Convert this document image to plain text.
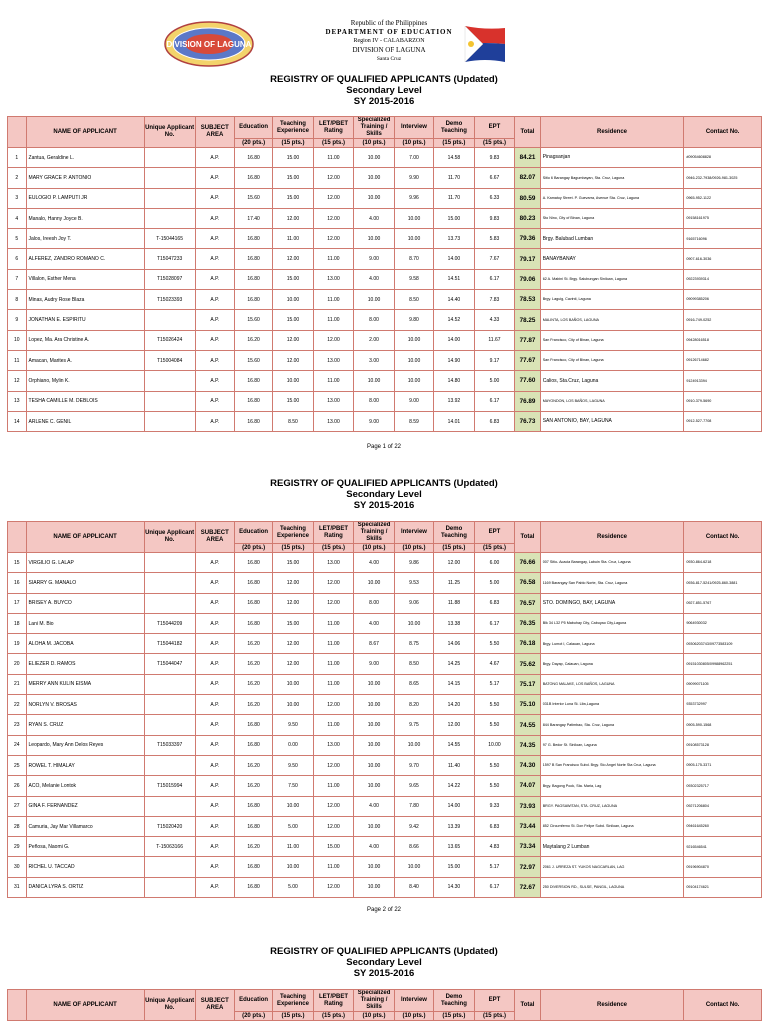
DIVISION OF LAGUNA
Republic of the Philippines
DEPARTMENT OF EDUCATION
Region IV - CALABARZON
DIVISION OF LAGUNA
Santa Cruz
REGISTRY OF QUALIFIED APPLICANTS (Updated)
Secondary Level
SY 2015-2016
	NAME OF APPLICANT	Unique Applicant No.	SUBJECT AREA	Education	Teaching Experience	LET/PBET Rating	Specialized Training / Skills	Interview	Demo Teaching	EPT	Total	Residence	Contact No.
				(20 pts.)	(15 pts.)	(15 pts.)	(10 pts.)	(10 pts.)	(15 pts.)	(15 pts.)			
1	Zantua, Geraldine L.		A.P.	16.80	15.00	11.00	10.00	7.00	14.58	9.83	84.21	Pinagsanjan	#09054608828
2	MARY GRACE P. ANTONIO		A.P.	16.80	15.00	12.00	10.00	9.90	11.70	6.67	82.07	Sitio 6 Barangay Bagumbayan, Sta. Cruz, Laguna	0946-232-7938/0926-981-3025
3	EULOGIO P. LAMPUTI JR		A.P.	15.60	15.00	12.00	10.00	9.96	11.70	6.33	80.59	A. Kamatoy Street. P. Guevarra, Avenue Sta. Cruz, Laguna	0965-952-1122
4	Manalo, Hanny Joyce B.		A.P.	17.40	12.00	12.00	4.00	10.00	15.00	9.83	80.23	Sto Nino, City of Binan, Laguna	09158161975
5	Jalos, Ireesh Joy T.	T-15044165	A.P.	16.80	11.00	12.00	10.00	10.00	13.73	5.83	79.36	Brgy. Balubad Lumban	9165716096
6	ALFEREZ, ZANDRO ROMANO C.	T15047233	A.P.	16.80	12.00	11.00	9.00	8.70	14.00	7.67	79.17	BANAYBANAY	0907-616-3036
7	Villalon, Esther Mena	T15028097	A.P.	16.80	15.00	13.00	4.00	9.58	14.51	6.17	79.06	62 A. Mabini St. Brgy. Salubungan Siniloan, Laguna	09223939314
8	Minas, Audry Rose Blaza	T15023393	A.P.	16.80	10.00	11.00	10.00	8.50	14.40	7.83	78.53	Brgy. Laguig, Cavinti, Laguna	09099385206
9	JONATHAN E. ESPIRITU		A.P.	15.60	15.00	11.00	8.00	9.80	14.52	4.33	78.25	MALINTA, LOS BAÑOS, LAGUNA	0916-749-0252
10	Lopez, Ma. Ara Christine A.	T15026424	A.P.	16.20	12.00	12.00	2.00	10.00	14.00	11.67	77.87	San Francisco, City of Binan, Laguna	09428016518
11	Amacan, Marites A.	T15004084	A.P.	15.60	12.00	13.00	3.00	10.00	14.90	9.17	77.67	San Francisco, City of Binan, Laguna	09126714682
12	Orphiano, Mylin K.		A.P.	16.80	10.00	11.00	10.00	10.00	14.80	5.00	77.60	Calios, Sta.Cruz, Laguna	9124913394
13	TESHA CAMILLE M. DEBLOIS		A.P.	16.80	15.00	13.00	8.00	9.00	13.92	6.17	76.89	MAYONDON, LOS BAÑOS, LAGUNA	0910-379-5690
14	ARLENE C. GENIL		A.P.	16.80	8.50	13.00	9.00	8.59	14.01	6.83	76.73	SAN ANTONIO, BAY, LAGUNA	0912-527-7708
Page 1 of 22
REGISTRY OF QUALIFIED APPLICANTS (Updated)
Secondary Level
SY 2015-2016
	NAME OF APPLICANT	Unique Applicant No.	SUBJECT AREA	Education	Teaching Experience	LET/PBET Rating	Specialized Training / Skills	Interview	Demo Teaching	EPT	Total	Residence	Contact No.
				(20 pts.)	(15 pts.)	(15 pts.)	(10 pts.)	(10 pts.)	(15 pts.)	(15 pts.)			
15	VIRGILIO G. LALAP		A.P.	16.80	15.00	13.00	4.00	9.86	12.00	6.00	76.66	007 Sitio- Acacia Barangay, Labuin Sta. Cruz, Laguna	0930-864-6218
16	SIARRY G. MANALO		A.P.	16.80	12.00	12.00	10.00	9.53	11.25	5.00	76.58	1169 Barangay San Pablo Norte, Sta. Cruz, Laguna	0936-817-5241/0925-860-3881
17	BRISEY A. BUYCO		A.P.	16.80	12.00	12.00	8.00	9.06	11.88	6.83	76.57	STO. DOMINGO, BAY, LAGUNA	0927-851-5767
18	Lani M. Bio	T15044209	A.P.	16.80	15.00	11.00	4.00	10.00	13.38	6.17	76.35	Blk 34 L32 P5 Mabuhay City, Cabuyao City,Laguna	9064930032
19	ALOHA M. JACOBA	T15044182	A.P.	16.20	12.00	11.00	8.67	8.75	14.06	5.50	76.18	Brgy. Lumot I, Calauan, Laguna	09306203743/09773583109
20	ELIEZER D. RAMOS	T15044047	A.P.	16.20	12.00	11.00	9.00	8.50	14.25	4.67	75.62	Brgy. Dayap, Calauan, Laguna	09151030805/09988962251
21	MERRY ANN KULIN EISMA		A.P.	16.20	10.00	11.00	10.00	8.65	14.15	5.17	75.17	BATONG MALAKE, LOS BAÑOS, LAGUNA	09099071105
22	NORLYN V. BROSAS		A.P.	16.20	10.00	12.00	10.00	8.20	14.20	5.50	75.10	031B Interior Luna St. Lilw,Laguna	9353732997
23	RYAN S. CRUZ		A.P.	16.80	9.50	11.00	10.00	9.75	12.00	5.50	74.55	844 Barangay Patimbao, Sta. Cruz, Laguna	0905-590-1568
24	Leopardo, Mary Ann Delos Reyes	T15033397	A.P.	16.80	0.00	13.00	10.00	10.00	14.55	10.00	74.35	97 G. Bedor St. Siniloan, Laguna	09108573128
25	ROWEL T. HIMALAY		A.P.	16.20	9.50	12.00	10.00	9.70	11.40	5.50	74.30	1597 B San Francisco Subd. Brgy. Sto Angel Norte Sta Cruz, Laguna	0905-175-3371
26	ACO, Melanie Lontok	T15015994	A.P.	16.20	7.50	11.00	10.00	9.65	14.22	5.50	74.07	Brgy. Bagong Pook, Sta. Maria, Lag	09302325717
27	GINA F. FERNANDEZ		A.P.	16.80	10.00	12.00	4.00	7.80	14.00	9.33	73.93	BRGY. PAGSAWITAN, STA. CRUZ, LAGUNA	09271206804
28	Camuria, Jay Mar Villamarco	T15020420	A.P.	16.80	5.00	12.00	10.00	9.42	13.39	6.83	73.44	852 Circumferno St. Don Felipe Subd. Siniloan, Laguna	09461645260
29	Peñosa, Naomi G.	T-15063166	A.P.	16.20	11.00	15.00	4.00	8.66	13.65	4.83	73.34	Maytalang 2 Lumban	9216546541
30	RICHEL U. TACCAD		A.P.	16.80	10.00	11.00	10.00	10.00	15.00	5.17	72.97	2061 J. URREZA ST. YUKOS NAGCARLAN, LAG	09196904870
31	DANICA LYRA S. ORTIZ		A.P.	16.80	5.00	12.00	10.00	8.40	14.30	6.17	72.67	250 DIVERSION RD., SULSE, PANGIL, LAGUNA	09104174621
Page 2 of 22
REGISTRY OF QUALIFIED APPLICANTS (Updated)
Secondary Level
SY 2015-2016
	NAME OF APPLICANT	Unique Applicant No.	SUBJECT AREA	Education	Teaching Experience	LET/PBET Rating	Specialized Training / Skills	Interview	Demo Teaching	EPT	Total	Residence	Contact No.
				(20 pts.)	(15 pts.)	(15 pts.)	(10 pts.)	(10 pts.)	(15 pts.)	(15 pts.)			
